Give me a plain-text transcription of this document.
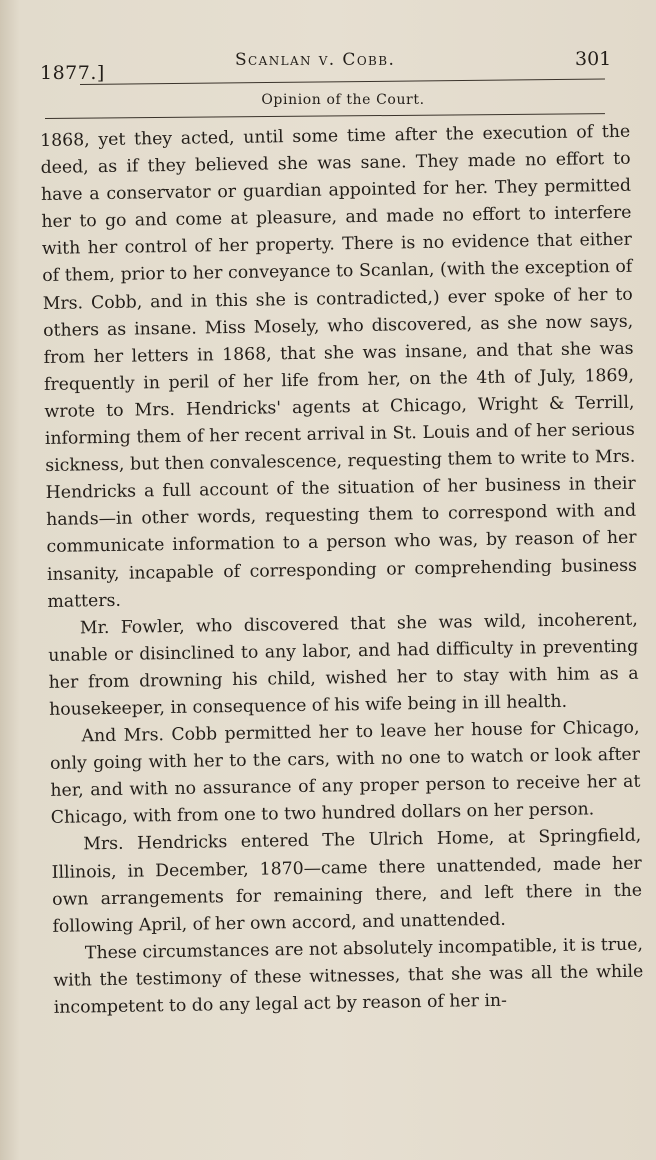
1877.]
Scanlan v. Cobb.	301
Opinion of the Court.

1868, yet they acted, until some time after the execution of the deed, as if they believed she was sane. They made no effort to have a conservator or guardian appointed for her. They permitted her to go and come at pleasure, and made no effort to interfere with her control of her property. There is no evidence that either of them, prior to her conveyance to Scanlan, (with the exception of Mrs. Cobb, and in this she is contradicted,) ever spoke of her to others as insane. Miss Mosely, who discovered, as she now says, from her letters in 1868, that she was insane, and that she was frequently in peril of her life from her, on the 4th of July, 1869, wrote to Mrs. Hendricks' agents at Chicago, Wright & Terrill, informing them of her recent arrival in St. Louis and of her serious sickness, but then convalescence, requesting them to write to Mrs. Hendricks a full account of the situation of her business in their hands—in other words, requesting them to correspond with and communicate information to a person who was, by reason of her insanity, incapable of corresponding or comprehending business matters.

Mr. Fowler, who discovered that she was wild, incoherent, unable or disinclined to any labor, and had difficulty in preventing her from drowning his child, wished her to stay with him as a housekeeper, in consequence of his wife being in ill health.

And Mrs. Cobb permitted her to leave her house for Chicago, only going with her to the cars, with no one to watch or look after her, and with no assurance of any proper person to receive her at Chicago, with from one to two hundred dollars on her person.

Mrs. Hendricks entered The Ulrich Home, at Springfield, Illinois, in December, 1870—came there unattended, made her own arrangements for remaining there, and left there in the following April, of her own accord, and unattended.

These circumstances are not absolutely incompatible, it is true, with the testimony of these witnesses, that she was all the while incompetent to do any legal act by reason of her in-
